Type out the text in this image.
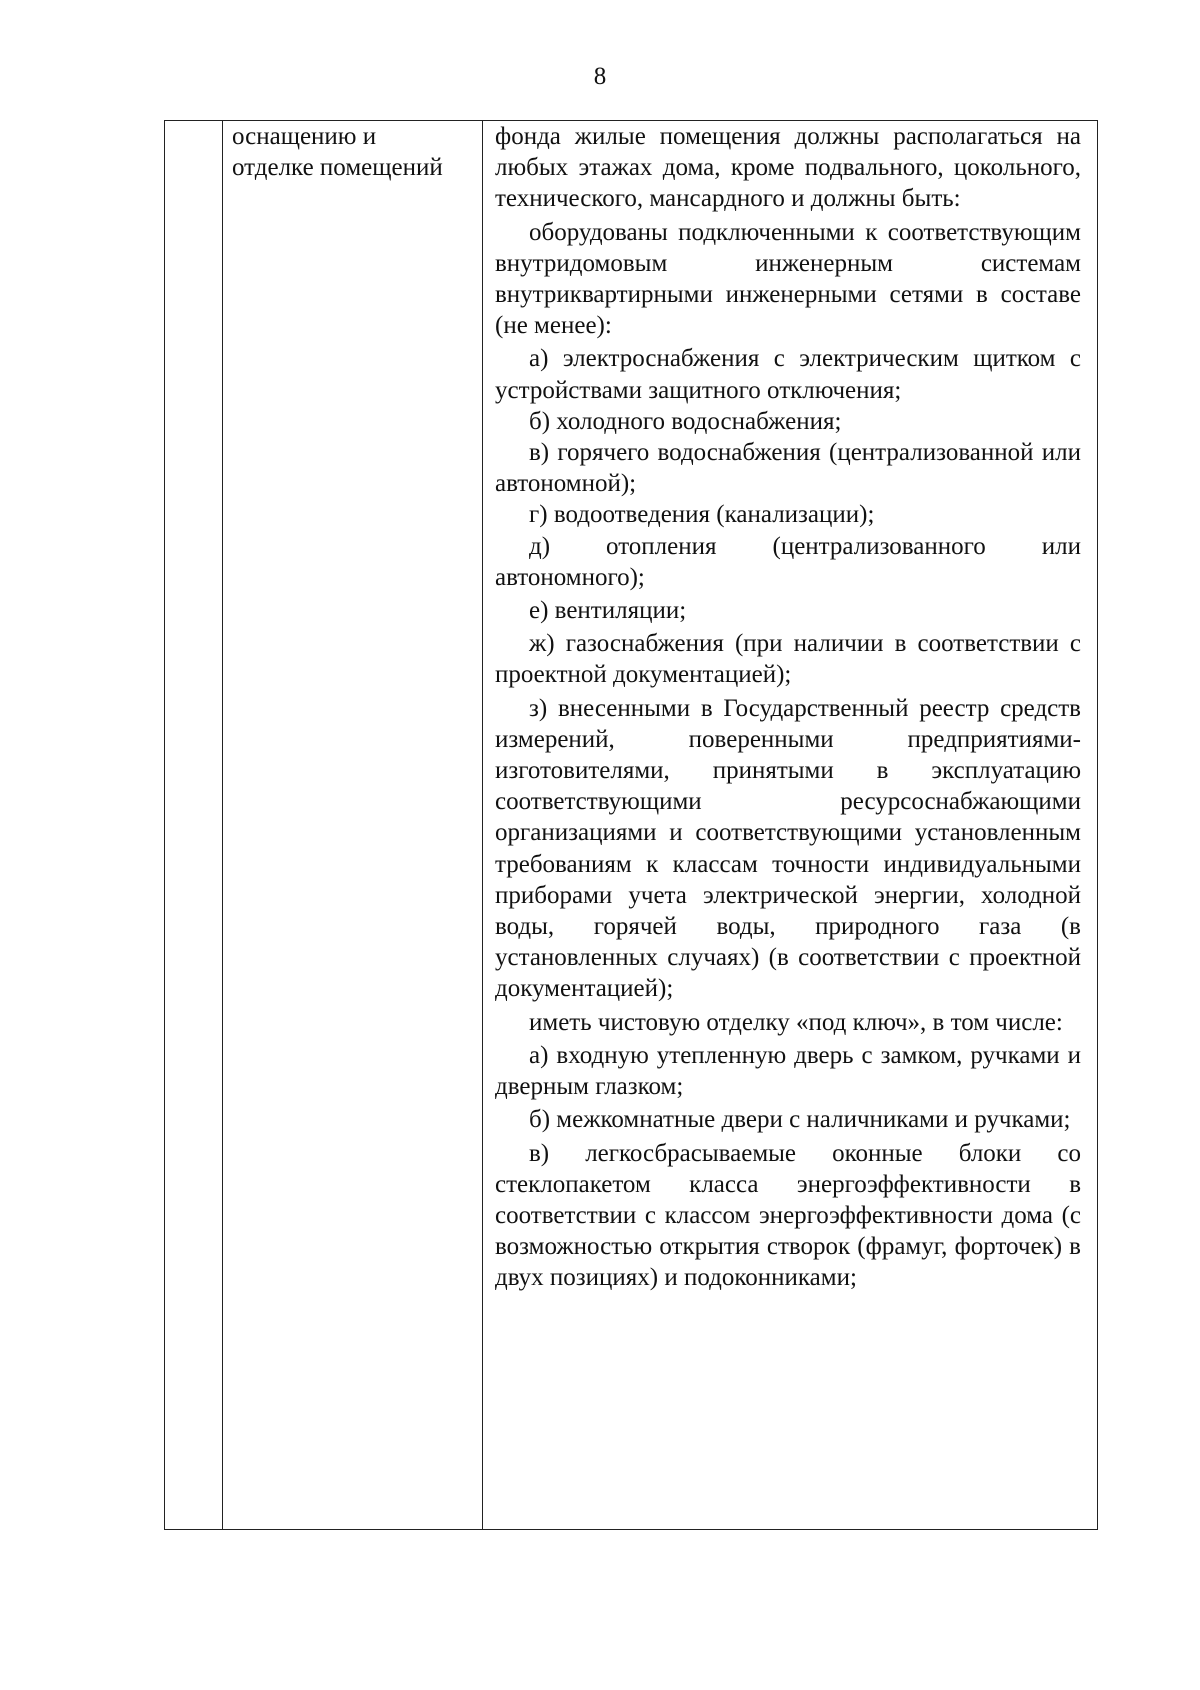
8
оснащению и
отделке помещений
фонда жилые помещения должны располагаться на любых этажах дома, кроме подвального, цокольного, технического, мансардного и должны быть:
оборудованы подключенными к соответствующим внутридомовым инженерным системам внутриквартирными инженерными сетями в составе (не менее):
а) электроснабжения с электрическим щитком с устройствами защитного отключения;
б) холодного водоснабжения;
в) горячего водоснабжения (централизованной или автономной);
г) водоотведения (канализации);
д) отопления (централизованного или автономного);
е) вентиляции;
ж) газоснабжения (при наличии в соответствии с проектной документацией);
з) внесенными в Государственный реестр средств измерений, поверенными предприятиями-изготовителями, принятыми в эксплуатацию соответствующими ресурсоснабжающими организациями и соответствующими установленным требованиям к классам точности индивидуальными приборами учета электрической энергии, холодной воды, горячей воды, природного газа (в установленных случаях) (в соответствии с проектной документацией);
иметь чистовую отделку «под ключ», в том числе:
а) входную утепленную дверь с замком, ручками и дверным глазком;
б) межкомнатные двери с наличниками и ручками;
в) легкосбрасываемые оконные блоки со стеклопакетом класса энергоэффективности в соответствии с классом энергоэффективности дома (с возможностью открытия створок (фрамуг, форточек) в двух позициях) и подоконниками;
